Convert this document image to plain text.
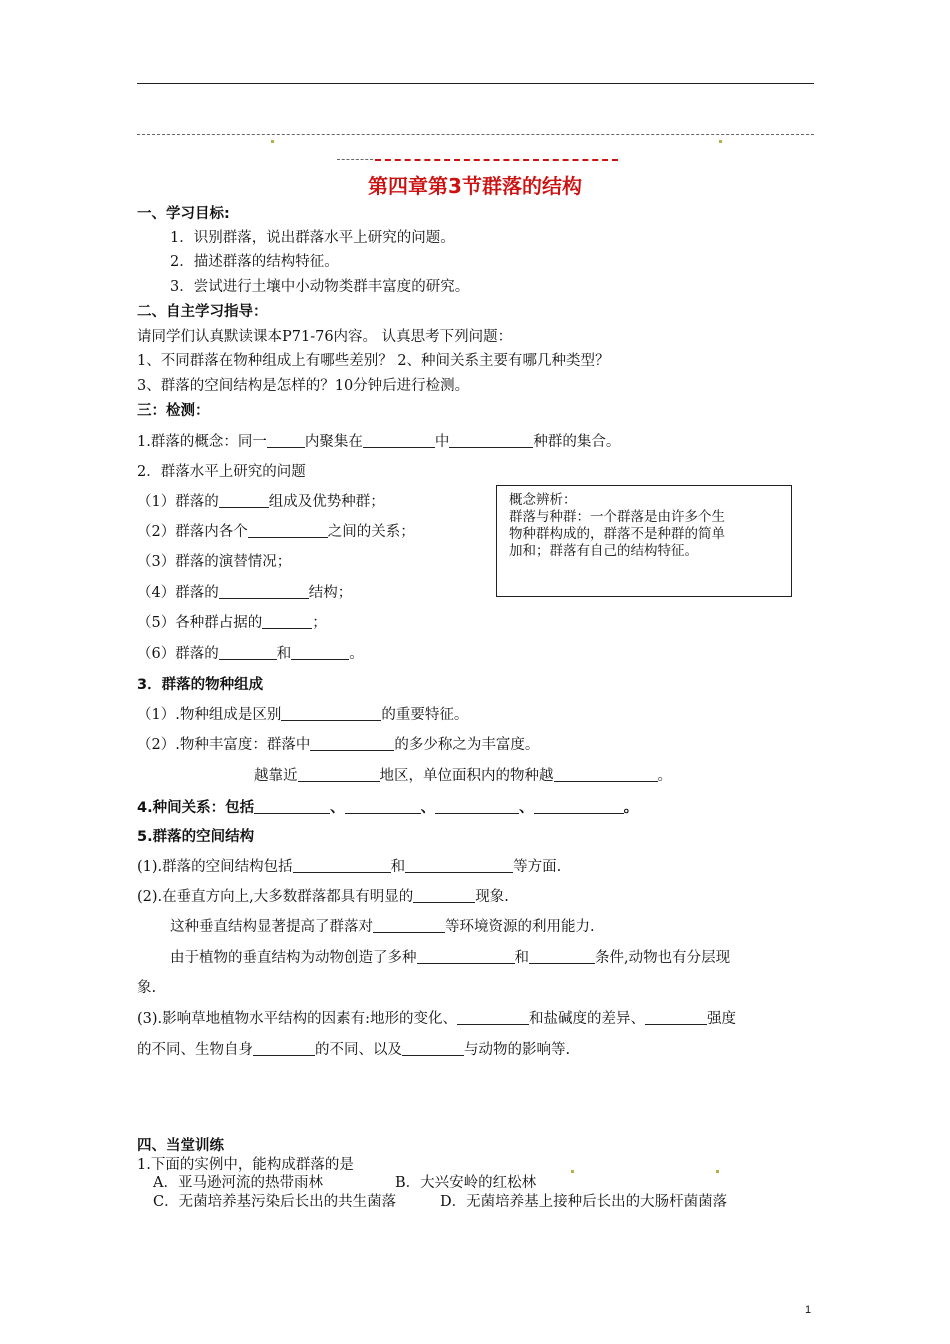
第四章第3节群落的结构
一、学习目标:
1．识别群落，说出群落水平上研究的问题。
2．描述群落的结构特征。
3．尝试进行土壤中小动物类群丰富度的研究。
二、自主学习指导：
请同学们认真默读课本P71-76内容。 认真思考下列问题：
1、不同群落在物种组成上有哪些差别？ 2、种间关系主要有哪几种类型？
3、群落的空间结构是怎样的？10分钟后进行检测。
三：检测：
1.群落的概念：同一	内聚集在	中	种群的集合。
2．群落水平上研究的问题
（1）群落的	组成及优势种群；
（2）群落内各个	之间的关系；
（3）群落的演替情况；
（4）群落的	结构；
（5）各种群占据的	；
（6）群落的	和	。
概念辨析：
群落与种群：一个群落是由许多个生
物种群构成的，群落不是种群的简单
加和；群落有自己的结构特征。
3．群落的物种组成
（1）.物种组成是区别	的重要特征。
（2）.物种丰富度：群落中	的多少称之为丰富度。
越靠近	地区，单位面积内的物种越	。
4.种间关系：包括	、	、	、	。
5.群落的空间结构
(1).群落的空间结构包括	和	等方面.
(2).在垂直方向上,大多数群落都具有明显的	现象.
这种垂直结构显著提高了群落对	等环境资源的利用能力.
由于植物的垂直结构为动物创造了多种	和	条件,动物也有分层现
象.
(3).影响草地植物水平结构的因素有:地形的变化、	和盐碱度的差异、	强度
的不同、生物自身	的不同、以及	与动物的影响等.
四、当堂训练
1.下面的实例中，能构成群落的是
A．亚马逊河流的热带雨林	B．大兴安岭的红松林
C．无菌培养基污染后长出的共生菌落	D．无菌培养基上接种后长出的大肠杆菌菌落
1
